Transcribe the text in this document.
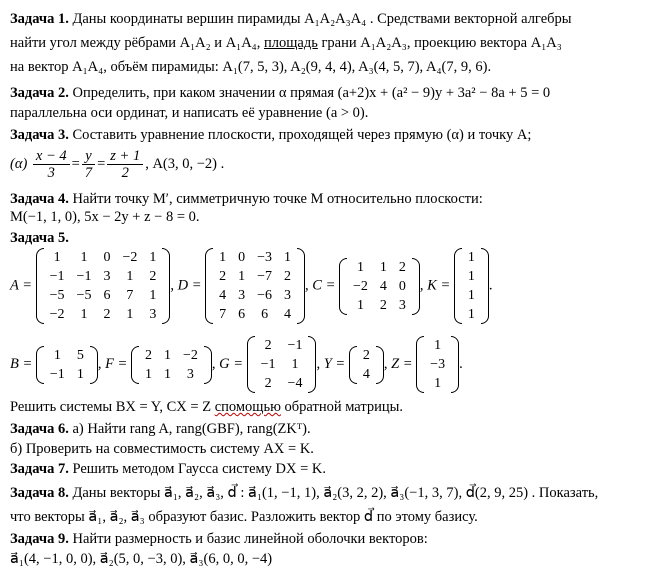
Задача 1. Даны координаты вершин пирамиды A₁A₂A₃A₄ . Средствами векторной алгебры
найти угол между рёбрами A₁A₂ и A₁A₄, площадь грани A₁A₂A₃, проекцию вектора A₁A₃
на вектор A₁A₄, объём пирамиды: A₁(7, 5, 3), A₂(9, 4, 4), A₃(4, 5, 7), A₄(7, 9, 6).
Задача 2. Определить, при каком значении α прямая (a+2)x + (a² − 9)y + 3a² − 8a + 5 = 0
параллельна оси ординат, и написать её уравнение (a > 0).
Задача 3. Составить уравнение плоскости, проходящей через прямую (α) и точку A;
$(\alpha) \frac{x - 4}{3} = \frac{y}{7} = \frac{z + 1}{2}$ , A(3, 0, −2) .
Задача 4. Найти точку M′, симметричную точке M относительно плоскости:
M(−1, 1, 0), 5x − 2y + z − 8 = 0.
Задача 5.
A =
1	1	0	−2	1
−1	−1	3	1	2
−5	−5	6	7	1
−2	1	2	1	3
, D =
1	0	−3	1
2	1	−7	2
4	3	−6	3
7	6	6	4
, C =
1	1	2
−2	4	0
1	2	3
, K =
1
1
1
1
.
B =
1	5
−1	1
, F =
2	1	−2
1	1	3
, G =
2	−1
−1	1
2	−4
, Y =
2
4
, Z =
1
−3
1
.
Решить системы BX = Y, CX = Z спомощью обратной матрицы.
Задача 6. а) Найти rang A, rang(GBF), rang(ZKᵀ).
б) Проверить на совместимость систему AX = K.
Задача 7. Решить методом Гаусса систему DX = K.
Задача 8. Даны векторы a⃗₁, a⃗₂, a⃗₃, d⃗ : a⃗₁(1, −1, 1), a⃗₂(3, 2, 2), a⃗₃(−1, 3, 7), d⃗(2, 9, 25) . Показать,
что векторы a⃗₁, a⃗₂, a⃗₃ образуют базис. Разложить вектор d⃗ по этому базису.
Задача 9. Найти размерность и базис линейной оболочки векторов:
a⃗₁(4, −1, 0, 0), a⃗₂(5, 0, −3, 0), a⃗₃(6, 0, 0, −4)
